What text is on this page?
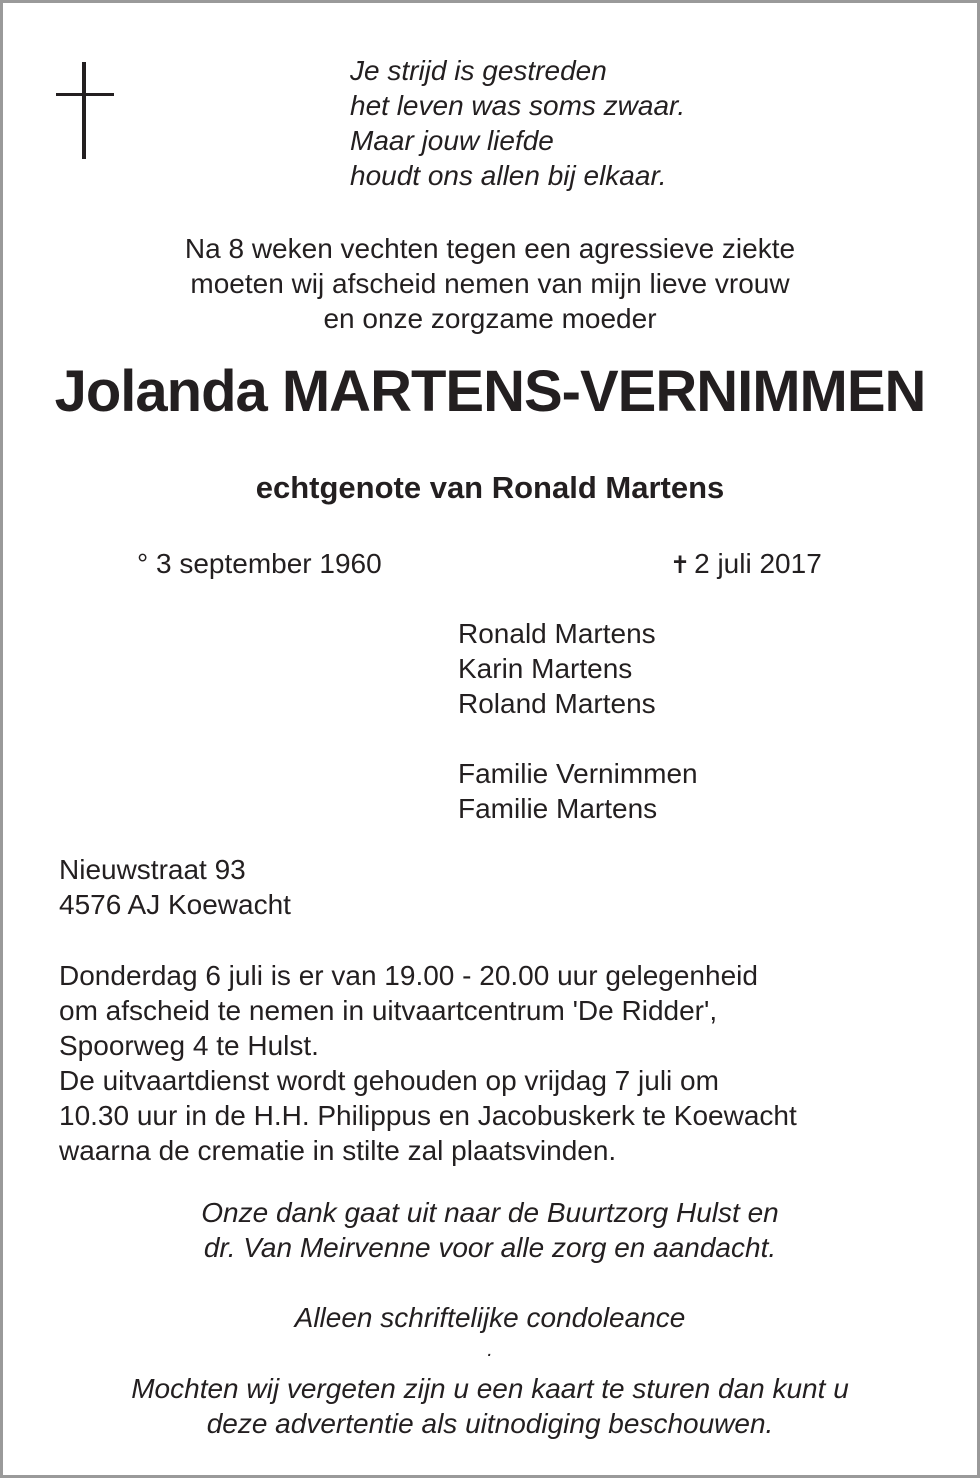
Je strijd is gestreden
het leven was soms zwaar.
Maar jouw liefde
houdt ons allen bij elkaar.
Na 8 weken vechten tegen een agressieve ziekte
moeten wij afscheid nemen van mijn lieve vrouw
en onze zorgzame moeder
Jolanda MARTENS-VERNIMMEN
echtgenote van Ronald Martens
° 3 september 1960	✝ 2 juli 2017
Ronald Martens
Karin Martens
Roland Martens
Familie Vernimmen
Familie Martens
Nieuwstraat 93
4576 AJ Koewacht
Donderdag 6 juli is er van 19.00 - 20.00 uur gelegenheid
om afscheid te nemen in uitvaartcentrum 'De Ridder',
Spoorweg 4 te Hulst.
De uitvaartdienst wordt gehouden op vrijdag 7 juli om
10.30 uur in de H.H. Philippus en Jacobuskerk te Koewacht
waarna de crematie in stilte zal plaatsvinden.
Onze dank gaat uit naar de Buurtzorg Hulst en
dr. Van Meirvenne voor alle zorg en aandacht.
Alleen schriftelijke condoleance
.
Mochten wij vergeten zijn u een kaart te sturen dan kunt u
deze advertentie als uitnodiging beschouwen.
